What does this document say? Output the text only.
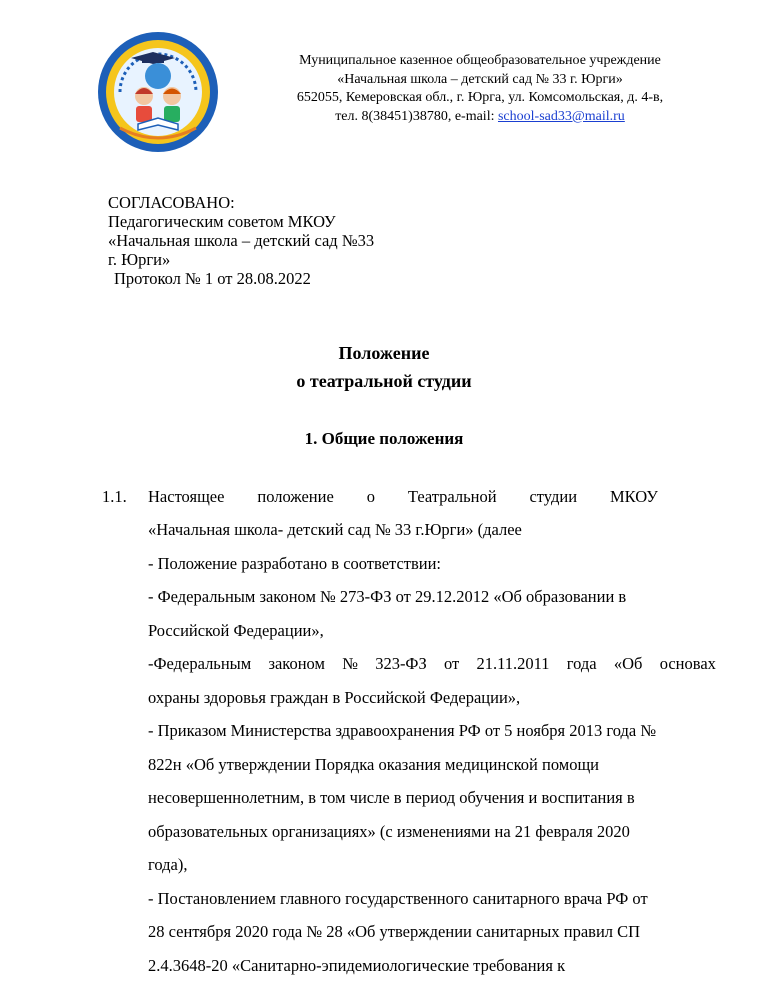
Муниципальное казенное общеобразовательное учреждение
«Начальная школа – детский сад № 33 г. Юрги»
652055, Кемеровская обл., г. Юрга, ул. Комсомольская, д. 4-в,
тел. 8(38451)38780, e-mail: school-sad33@mail.ru
СОГЛАСОВАНО:
Педагогическим советом МКОУ
«Начальная школа – детский сад №33
г. Юрги»
Протокол № 1 от 28.08.2022
Положение
о театральной студии
1. Общие положения
1.1. Настоящее положение о Театральной студии МКОУ
«Начальная школа- детский сад № 33 г.Юрги» (далее
- Положение разработано в соответствии:
- Федеральным законом № 273-ФЗ от 29.12.2012 «Об образовании в
Российской Федерации»,
-Федеральным законом № 323-ФЗ от 21.11.2011 года «Об основах
охраны здоровья граждан в Российской Федерации»,
- Приказом Министерства здравоохранения РФ от 5 ноября 2013 года №
822н «Об утверждении Порядка оказания медицинской помощи
несовершеннолетним, в том числе в период обучения и воспитания в
образовательных организациях» (с изменениями на 21 февраля 2020
года),
- Постановлением главного государственного санитарного врача РФ от
28 сентября 2020 года № 28 «Об утверждении санитарных правил СП
2.4.3648-20 «Санитарно-эпидемиологические требования к
